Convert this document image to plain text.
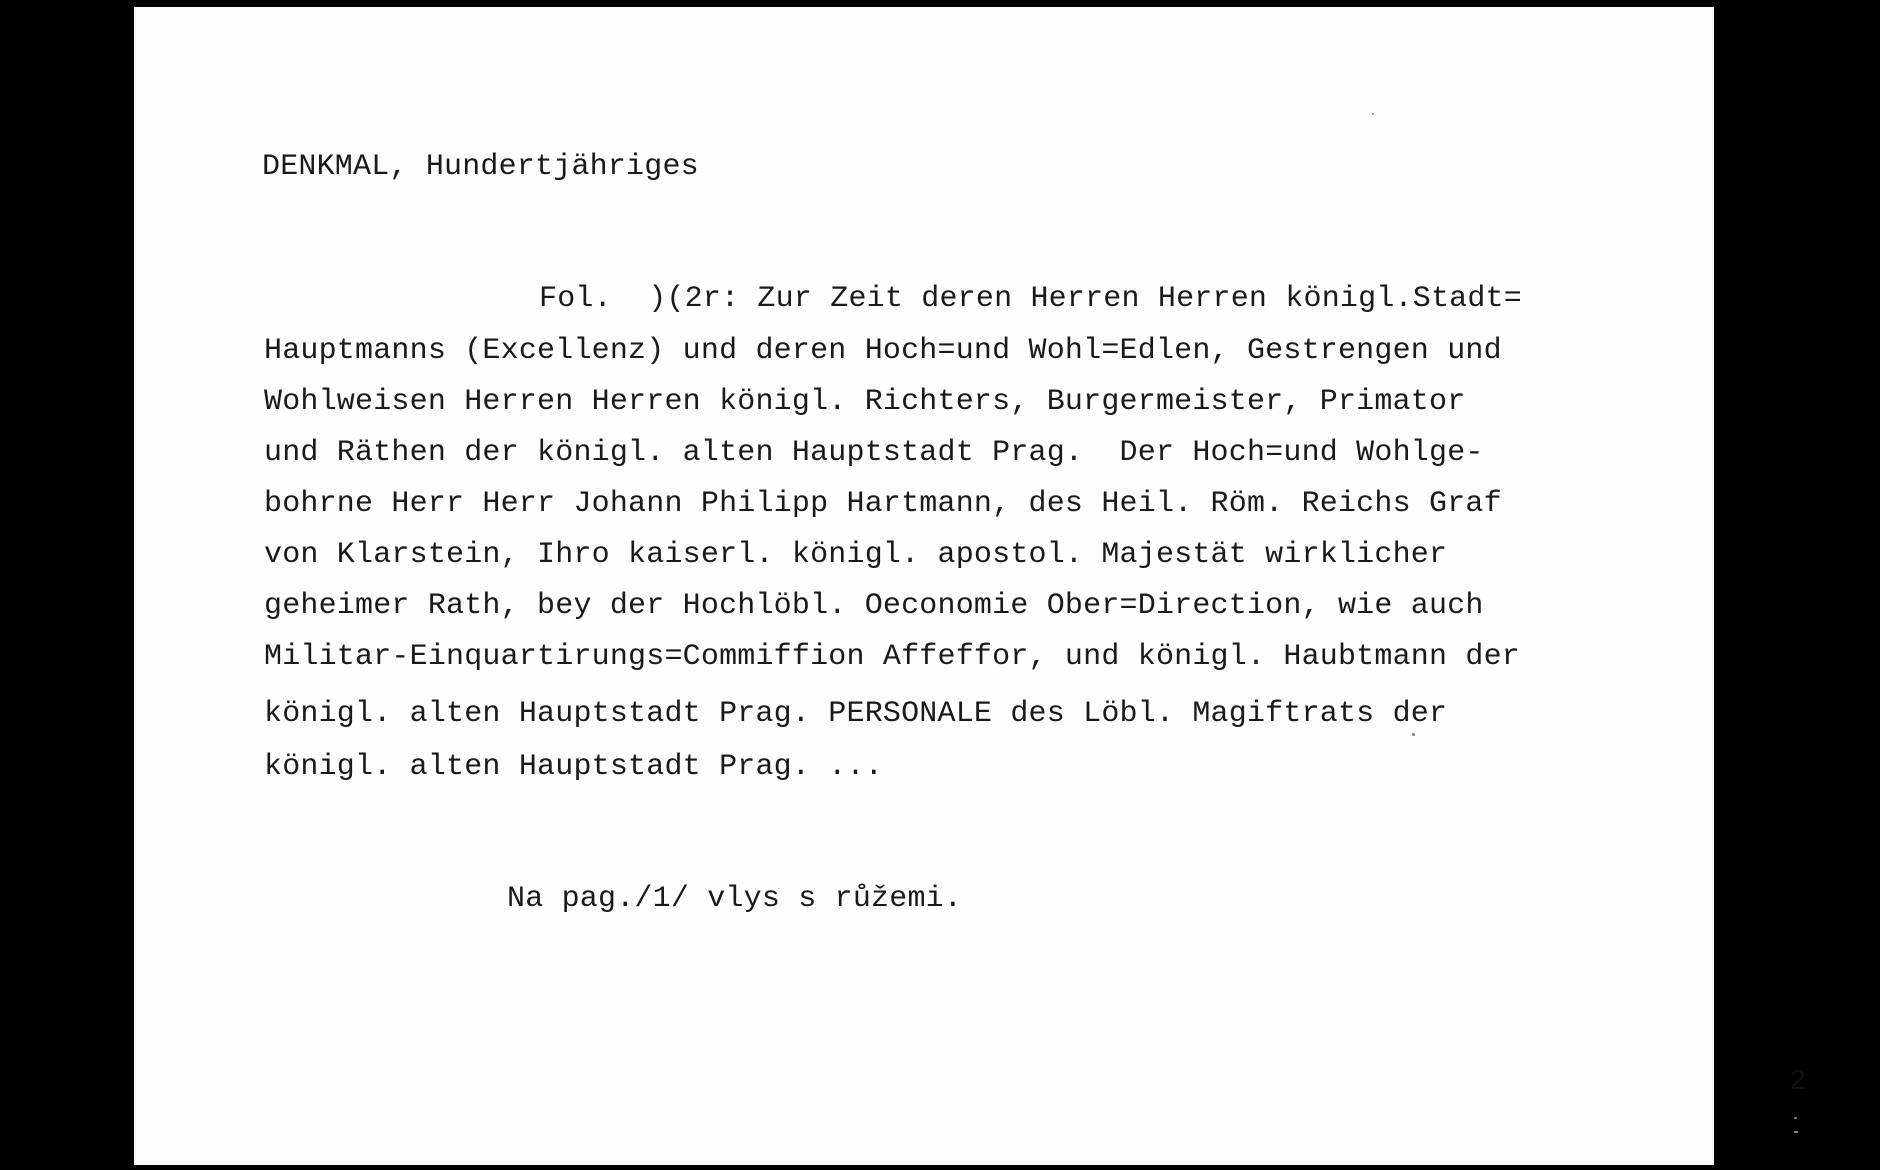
DENKMAL, Hundertjähriges
Fol.  )(2r: Zur Zeit deren Herren Herren königl.Stadt=
Hauptmanns (Excellenz) und deren Hoch=und Wohl=Edlen, Gestrengen und
Wohlweisen Herren Herren königl. Richters, Burgermeister, Primator
und Räthen der königl. alten Hauptstadt Prag.  Der Hoch=und Wohlge-
bohrne Herr Herr Johann Philipp Hartmann, des Heil. Röm. Reichs Graf
von Klarstein, Ihro kaiserl. königl. apostol. Majestät wirklicher
geheimer Rath, bey der Hochlöbl. Oeconomie Ober=Direction, wie auch
Militar-Einquartirungs=Commiffion Affeffor, und königl. Haubtmann der
königl. alten Hauptstadt Prag. PERSONALE des Löbl. Magiftrats der
königl. alten Hauptstadt Prag. ...
Na pag./1/ vlys s růžemi.
2
